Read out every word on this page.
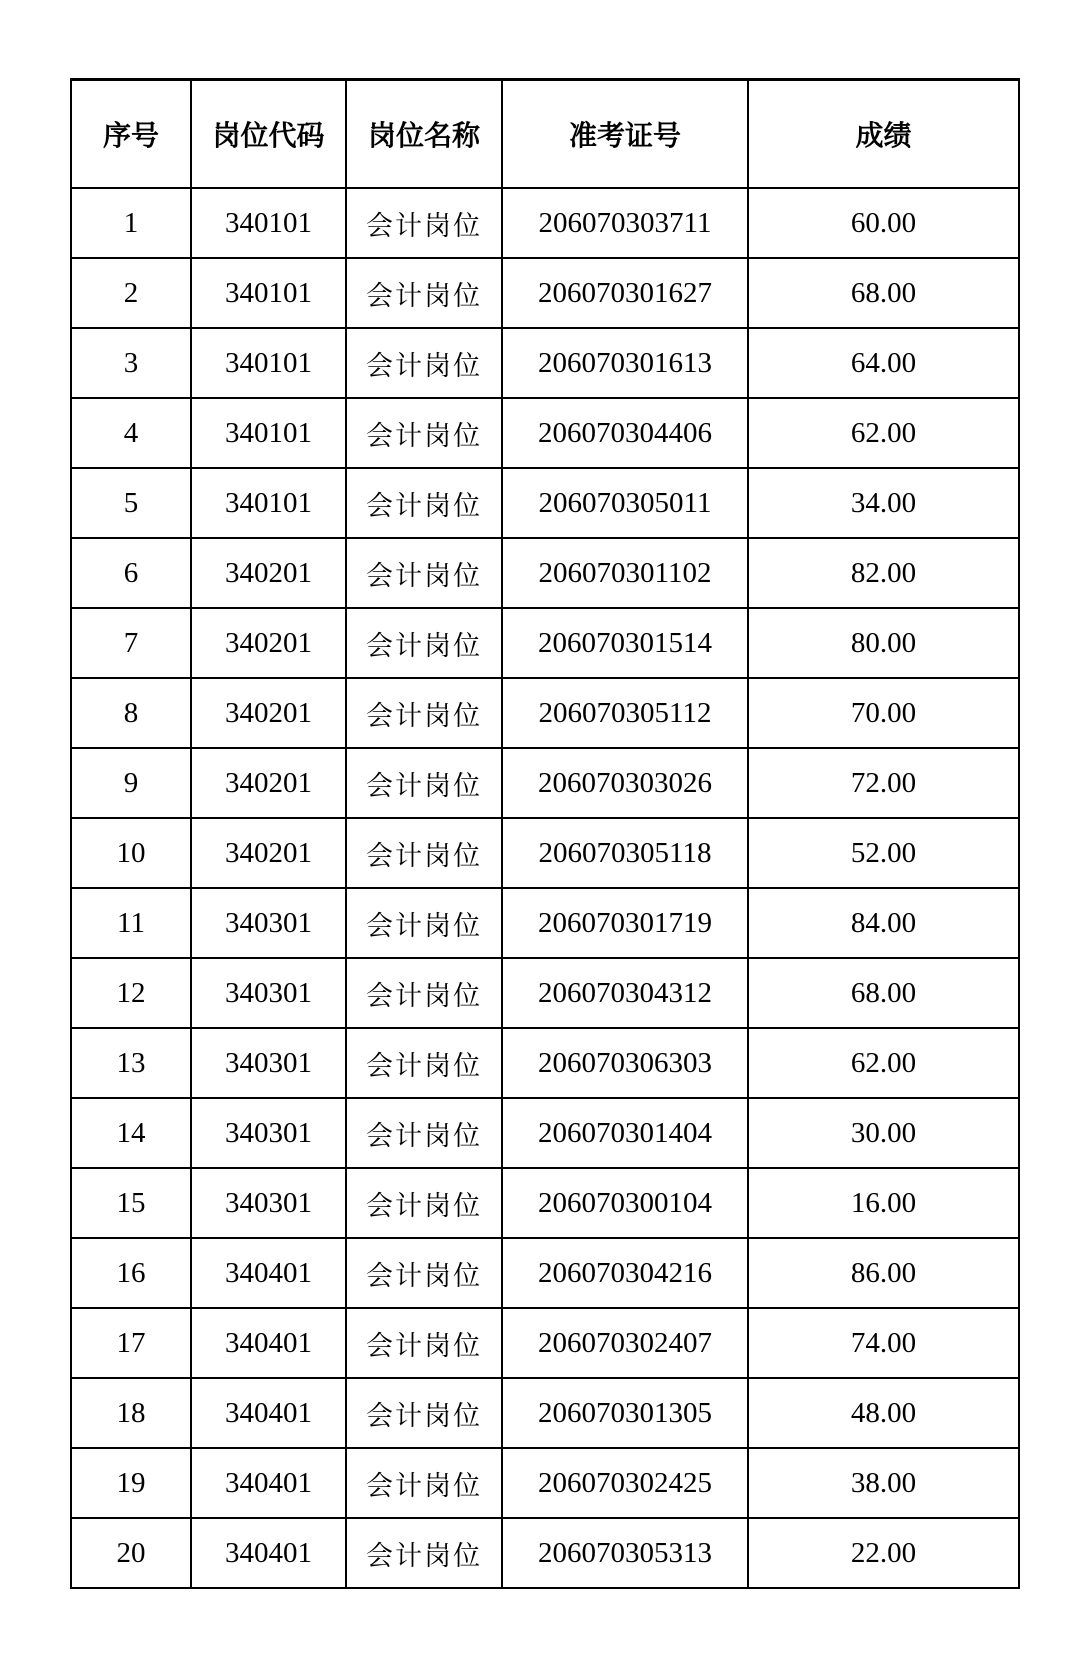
序号	岗位代码	岗位名称	准考证号	成绩
1	340101	会计岗位	206070303711	60.00
2	340101	会计岗位	206070301627	68.00
3	340101	会计岗位	206070301613	64.00
4	340101	会计岗位	206070304406	62.00
5	340101	会计岗位	206070305011	34.00
6	340201	会计岗位	206070301102	82.00
7	340201	会计岗位	206070301514	80.00
8	340201	会计岗位	206070305112	70.00
9	340201	会计岗位	206070303026	72.00
10	340201	会计岗位	206070305118	52.00
11	340301	会计岗位	206070301719	84.00
12	340301	会计岗位	206070304312	68.00
13	340301	会计岗位	206070306303	62.00
14	340301	会计岗位	206070301404	30.00
15	340301	会计岗位	206070300104	16.00
16	340401	会计岗位	206070304216	86.00
17	340401	会计岗位	206070302407	74.00
18	340401	会计岗位	206070301305	48.00
19	340401	会计岗位	206070302425	38.00
20	340401	会计岗位	206070305313	22.00
